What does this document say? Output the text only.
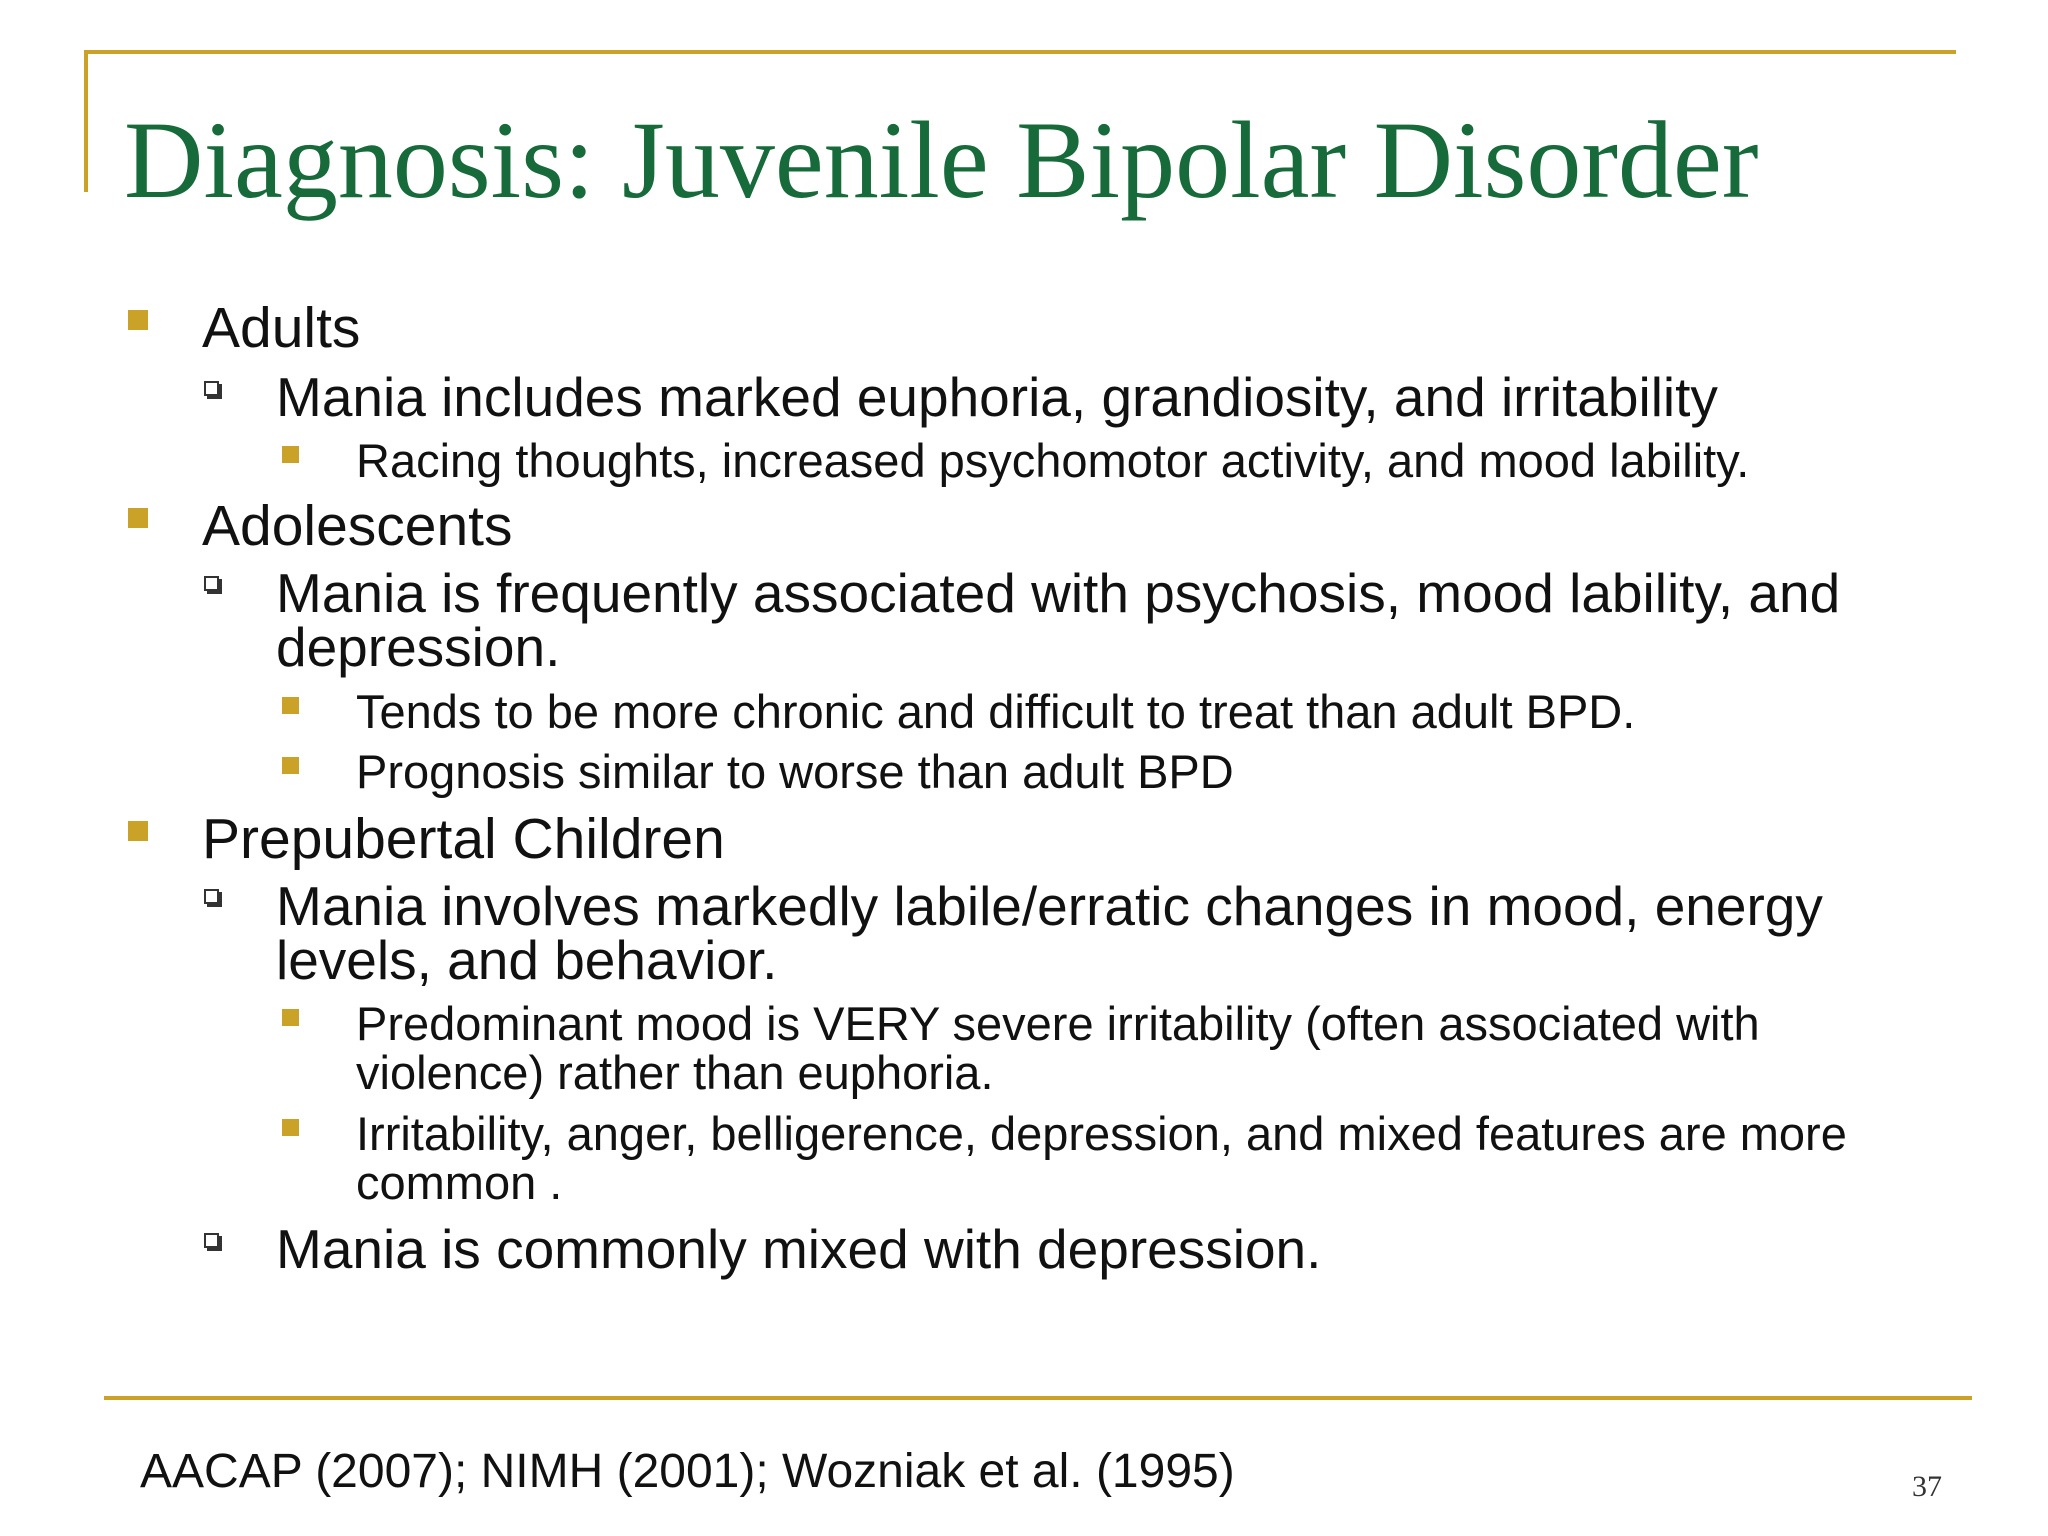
Diagnosis: Juvenile Bipolar Disorder
Adults
Mania includes marked euphoria, grandiosity, and irritability
Racing thoughts, increased psychomotor activity, and mood lability.
Adolescents
Mania is frequently associated with psychosis, mood lability, and depression.
Tends to be more chronic and difficult to treat than adult BPD.
Prognosis similar to worse than adult BPD
Prepubertal Children
Mania involves markedly labile/erratic changes in mood, energy levels, and behavior.
Predominant mood is VERY severe irritability (often associated with violence) rather than euphoria.
Irritability, anger, belligerence, depression, and mixed features are more common .
Mania is commonly mixed with depression.
AACAP (2007); NIMH (2001); Wozniak et al. (1995)	37
